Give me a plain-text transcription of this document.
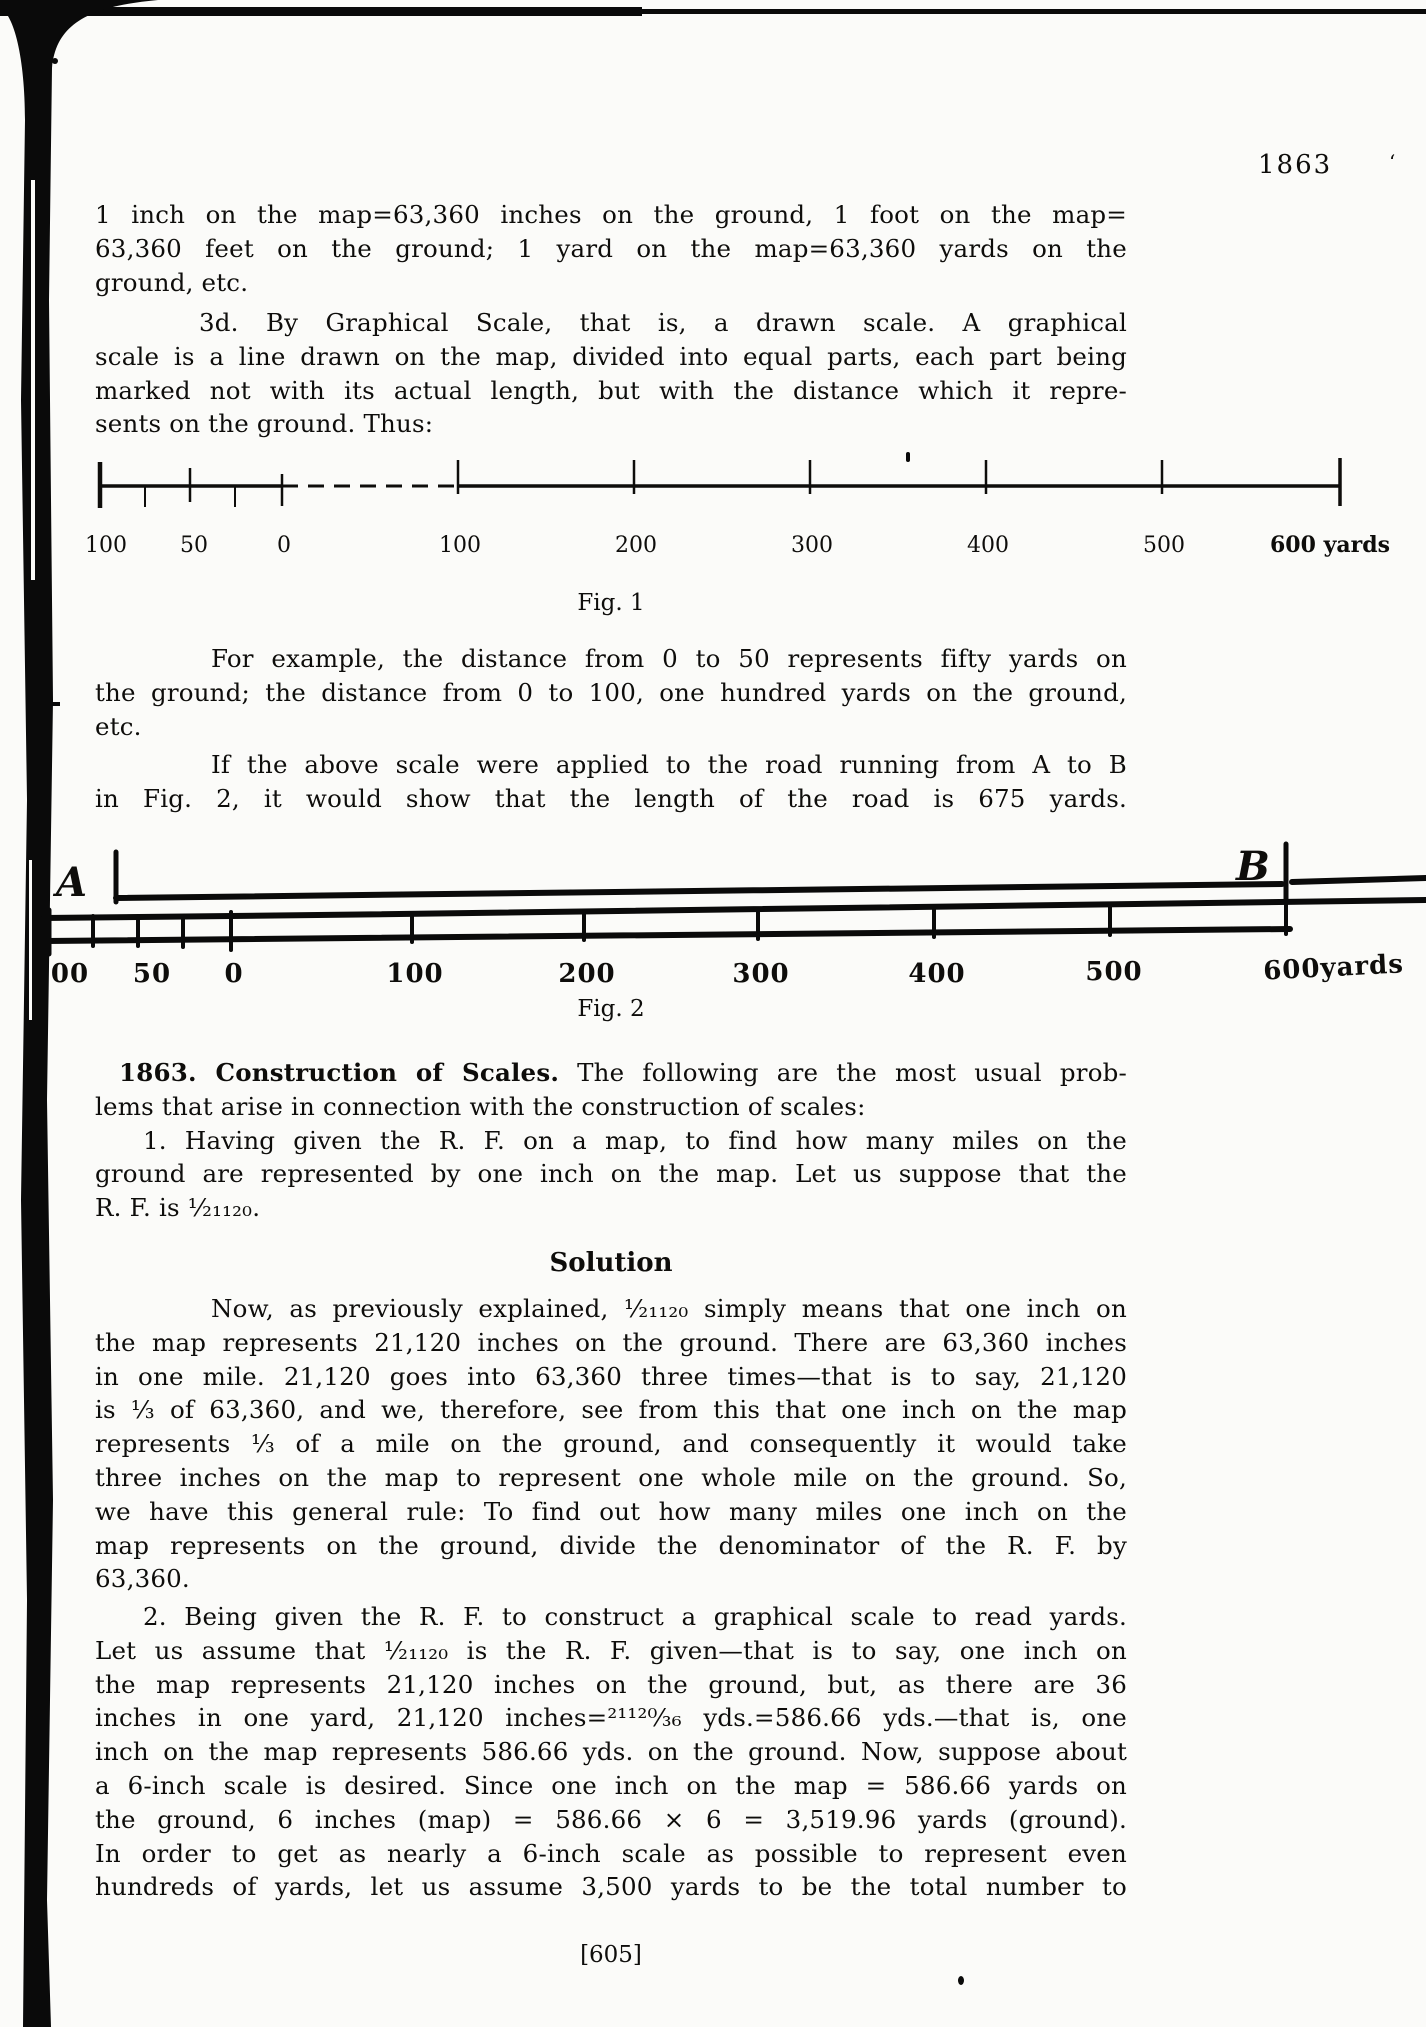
1863	‘
1 inch on the map=63,360 inches on the ground, 1 foot on the map=
63,360 feet on the ground; 1 yard on the map=63,360 yards on the
ground, etc.
3d. By Graphical Scale, that is, a drawn scale. A graphical
scale is a line drawn on the map, divided into equal parts, each part being
marked not with its actual length, but with the distance which it repre-
sents on the ground. Thus:
100 50	0	100	200	300	400	500	600 yards
Fig. 1
For example, the distance from 0 to 50 represents fifty yards on
the ground; the distance from 0 to 100, one hundred yards on the ground,
etc.
If the above scale were applied to the road running from A to B
in Fig. 2, it would show that the length of the road is 675 yards.
A	B
00 50 0	100	200	300	400	500	600yards
Fig. 2
1863. Construction of Scales. The following are the most usual prob-
lems that arise in connection with the construction of scales:
1. Having given the R. F. on a map, to find how many miles on the
ground are represented by one inch on the map. Let us suppose that the
R. F. is ¹⁄₂₁₁₂₀.
Solution
Now, as previously explained, ¹⁄₂₁₁₂₀ simply means that one inch on
the map represents 21,120 inches on the ground. There are 63,360 inches
in one mile. 21,120 goes into 63,360 three times—that is to say, 21,120
is ⅓ of 63,360, and we, therefore, see from this that one inch on the map
represents ⅓ of a mile on the ground, and consequently it would take
three inches on the map to represent one whole mile on the ground. So,
we have this general rule: To find out how many miles one inch on the
map represents on the ground, divide the denominator of the R. F. by
63,360.
2. Being given the R. F. to construct a graphical scale to read yards.
Let us assume that ¹⁄₂₁₁₂₀ is the R. F. given—that is to say, one inch on
the map represents 21,120 inches on the ground, but, as there are 36
inches in one yard, 21,120 inches=²¹¹²⁰⁄₃₆ yds.=586.66 yds.—that is, one
inch on the map represents 586.66 yds. on the ground. Now, suppose about
a 6-inch scale is desired. Since one inch on the map = 586.66 yards on
the ground, 6 inches (map) = 586.66 × 6 = 3,519.96 yards (ground).
In order to get as nearly a 6-inch scale as possible to represent even
hundreds of yards, let us assume 3,500 yards to be the total number to
[605]
